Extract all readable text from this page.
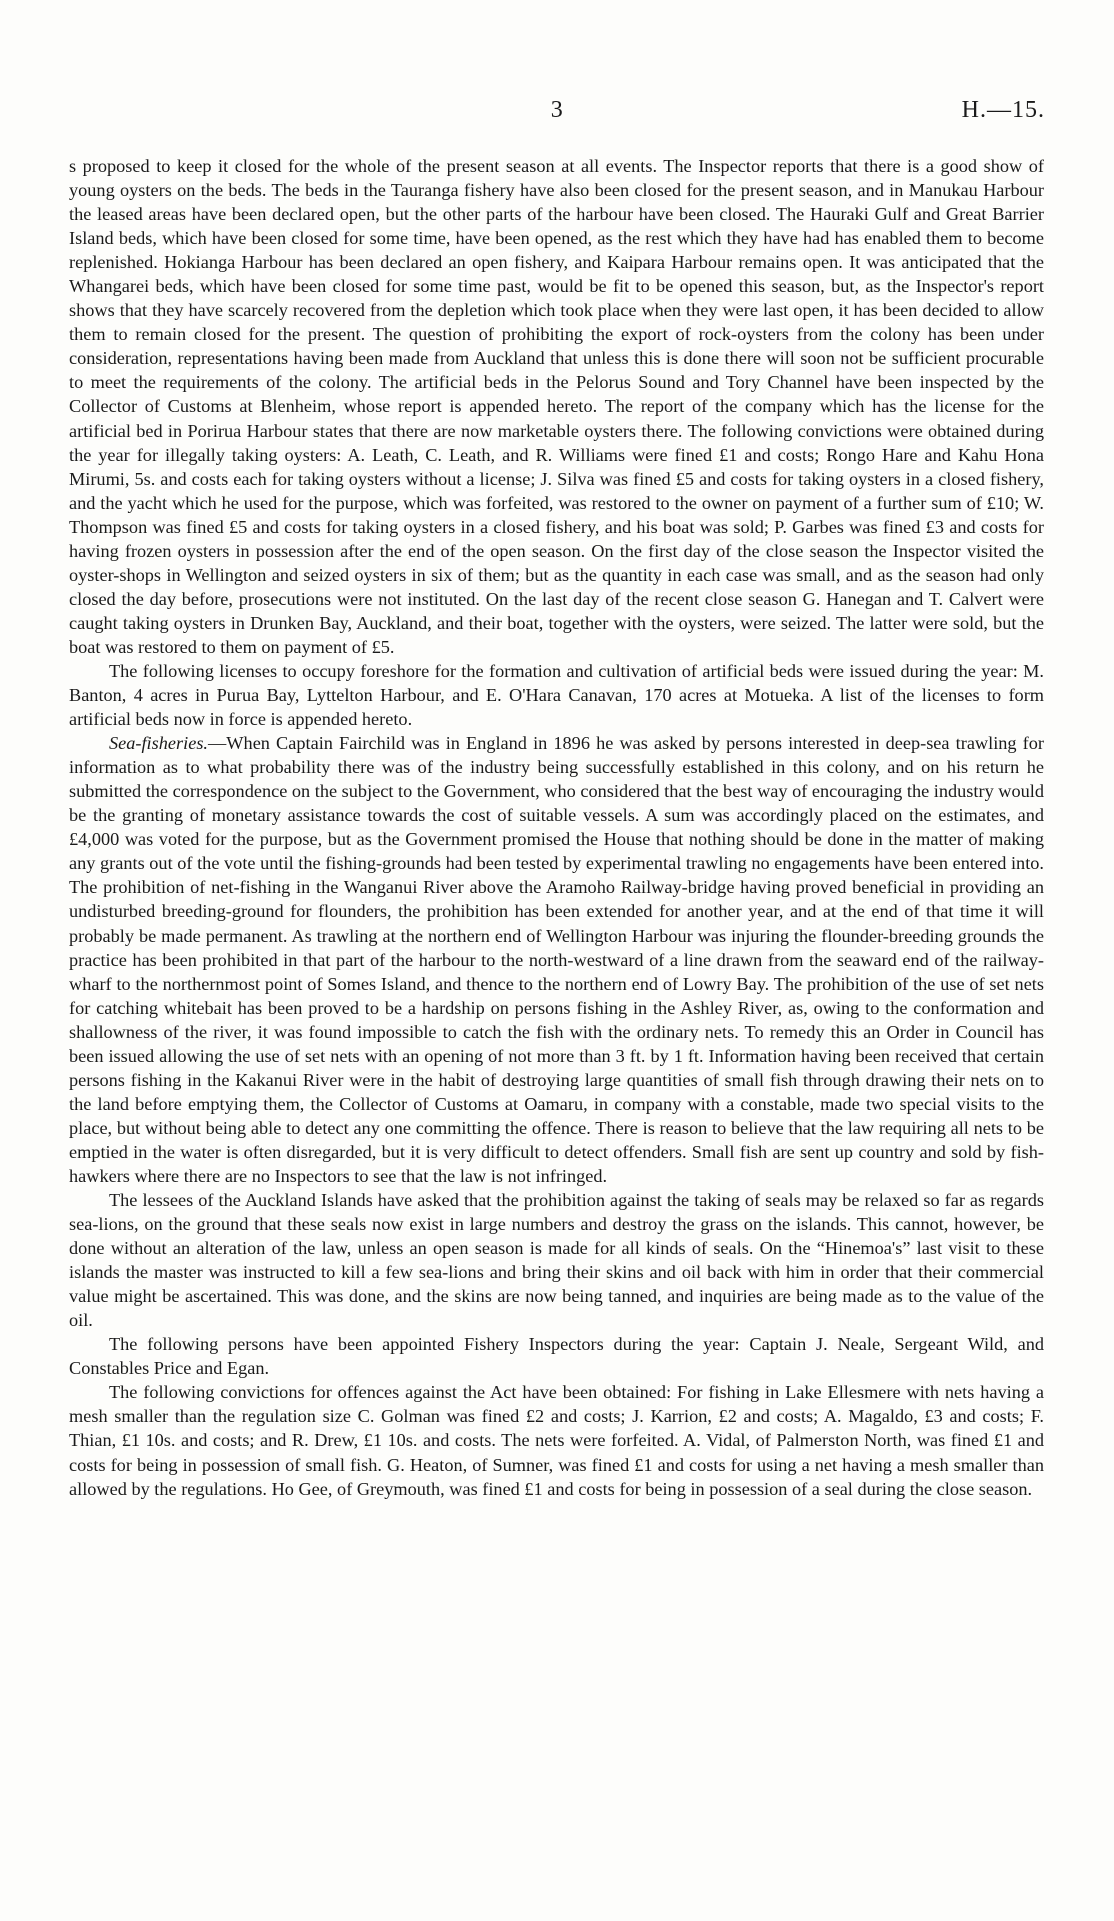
3	H.—15.

s proposed to keep it closed for the whole of the present season at all events. The Inspector reports that there is a good show of young oysters on the beds. The beds in the Tauranga fishery have also been closed for the present season, and in Manukau Harbour the leased areas have been declared open, but the other parts of the harbour have been closed. The Hauraki Gulf and Great Barrier Island beds, which have been closed for some time, have been opened, as the rest which they have had has enabled them to become replenished. Hokianga Harbour has been declared an open fishery, and Kaipara Harbour remains open. It was anticipated that the Whangarei beds, which have been closed for some time past, would be fit to be opened this season, but, as the Inspector's report shows that they have scarcely recovered from the depletion which took place when they were last open, it has been decided to allow them to remain closed for the present. The question of prohibiting the export of rock-oysters from the colony has been under consideration, representations having been made from Auckland that unless this is done there will soon not be sufficient procurable to meet the requirements of the colony. The artificial beds in the Pelorus Sound and Tory Channel have been inspected by the Collector of Customs at Blenheim, whose report is appended hereto. The report of the company which has the license for the artificial bed in Porirua Harbour states that there are now marketable oysters there. The following convictions were obtained during the year for illegally taking oysters: A. Leath, C. Leath, and R. Williams were fined £1 and costs; Rongo Hare and Kahu Hona Mirumi, 5s. and costs each for taking oysters without a license; J. Silva was fined £5 and costs for taking oysters in a closed fishery, and the yacht which he used for the purpose, which was forfeited, was restored to the owner on payment of a further sum of £10; W. Thompson was fined £5 and costs for taking oysters in a closed fishery, and his boat was sold; P. Garbes was fined £3 and costs for having frozen oysters in possession after the end of the open season. On the first day of the close season the Inspector visited the oyster-shops in Wellington and seized oysters in six of them; but as the quantity in each case was small, and as the season had only closed the day before, prosecutions were not instituted. On the last day of the recent close season G. Hanegan and T. Calvert were caught taking oysters in Drunken Bay, Auckland, and their boat, together with the oysters, were seized. The latter were sold, but the boat was restored to them on payment of £5.

The following licenses to occupy foreshore for the formation and cultivation of artificial beds were issued during the year: M. Banton, 4 acres in Purua Bay, Lyttelton Harbour, and E. O'Hara Canavan, 170 acres at Motueka. A list of the licenses to form artificial beds now in force is appended hereto.

Sea-fisheries.—When Captain Fairchild was in England in 1896 he was asked by persons interested in deep-sea trawling for information as to what probability there was of the industry being successfully established in this colony, and on his return he submitted the correspondence on the subject to the Government, who considered that the best way of encouraging the industry would be the granting of monetary assistance towards the cost of suitable vessels. A sum was accordingly placed on the estimates, and £4,000 was voted for the purpose, but as the Government promised the House that nothing should be done in the matter of making any grants out of the vote until the fishing-grounds had been tested by experimental trawling no engagements have been entered into. The prohibition of net-fishing in the Wanganui River above the Aramoho Railway-bridge having proved beneficial in providing an undisturbed breeding-ground for flounders, the prohibition has been extended for another year, and at the end of that time it will probably be made permanent. As trawling at the northern end of Wellington Harbour was injuring the flounder-breeding grounds the practice has been prohibited in that part of the harbour to the north-westward of a line drawn from the seaward end of the railway-wharf to the northernmost point of Somes Island, and thence to the northern end of Lowry Bay. The prohibition of the use of set nets for catching whitebait has been proved to be a hardship on persons fishing in the Ashley River, as, owing to the conformation and shallowness of the river, it was found impossible to catch the fish with the ordinary nets. To remedy this an Order in Council has been issued allowing the use of set nets with an opening of not more than 3 ft. by 1 ft. Information having been received that certain persons fishing in the Kakanui River were in the habit of destroying large quantities of small fish through drawing their nets on to the land before emptying them, the Collector of Customs at Oamaru, in company with a constable, made two special visits to the place, but without being able to detect any one committing the offence. There is reason to believe that the law requiring all nets to be emptied in the water is often disregarded, but it is very difficult to detect offenders. Small fish are sent up country and sold by fish-hawkers where there are no Inspectors to see that the law is not infringed.

The lessees of the Auckland Islands have asked that the prohibition against the taking of seals may be relaxed so far as regards sea-lions, on the ground that these seals now exist in large numbers and destroy the grass on the islands. This cannot, however, be done without an alteration of the law, unless an open season is made for all kinds of seals. On the “Hinemoa's” last visit to these islands the master was instructed to kill a few sea-lions and bring their skins and oil back with him in order that their commercial value might be ascertained. This was done, and the skins are now being tanned, and inquiries are being made as to the value of the oil.

The following persons have been appointed Fishery Inspectors during the year: Captain J. Neale, Sergeant Wild, and Constables Price and Egan.

The following convictions for offences against the Act have been obtained: For fishing in Lake Ellesmere with nets having a mesh smaller than the regulation size C. Golman was fined £2 and costs; J. Karrion, £2 and costs; A. Magaldo, £3 and costs; F. Thian, £1 10s. and costs; and R. Drew, £1 10s. and costs. The nets were forfeited. A. Vidal, of Palmerston North, was fined £1 and costs for being in possession of small fish. G. Heaton, of Sumner, was fined £1 and costs for using a net having a mesh smaller than allowed by the regulations. Ho Gee, of Greymouth, was fined £1 and costs for being in possession of a seal during the close season.
